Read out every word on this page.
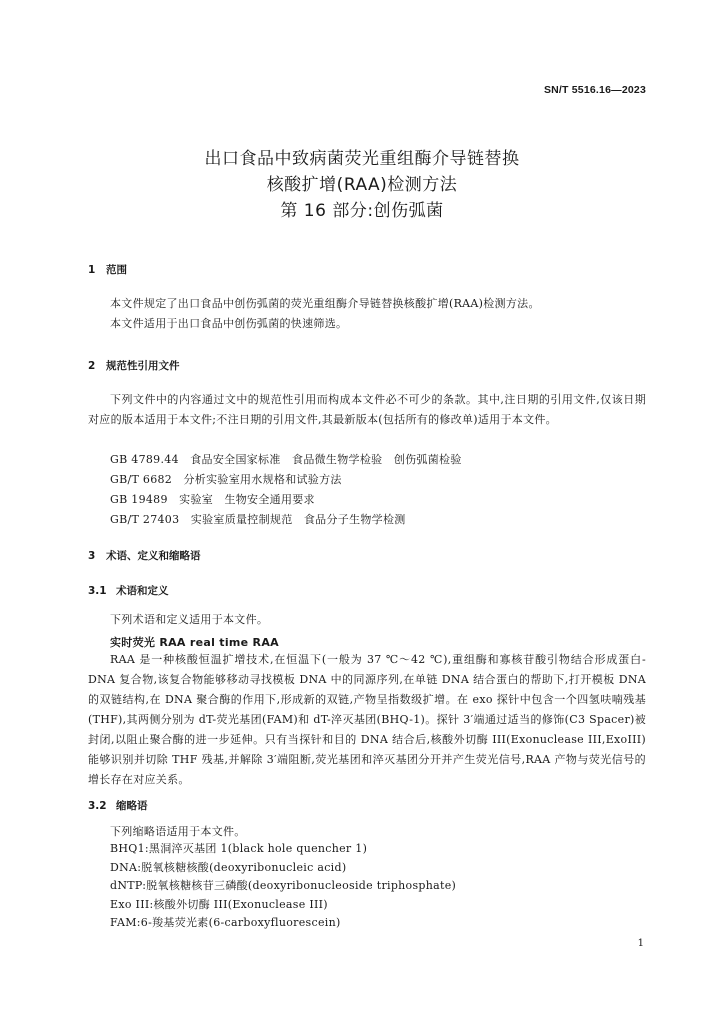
SN/T 5516.16—2023
出口食品中致病菌荧光重组酶介导链替换
核酸扩增(RAA)检测方法
第 16 部分:创伤弧菌
1 范围

本文件规定了出口食品中创伤弧菌的荧光重组酶介导链替换核酸扩增(RAA)检测方法。

本文件适用于出口食品中创伤弧菌的快速筛选。

2 规范性引用文件

下列文件中的内容通过文中的规范性引用而构成本文件必不可少的条款。其中,注日期的引用文件,仅该日期对应的版本适用于本文件;不注日期的引用文件,其最新版本(包括所有的修改单)适用于本文件。

GB 4789.44   食品安全国家标准   食品微生物学检验   创伤弧菌检验
GB/T 6682   分析实验室用水规格和试验方法
GB 19489   实验室   生物安全通用要求
GB/T 27403   实验室质量控制规范   食品分子生物学检测
3 术语、定义和缩略语
3.1 术语和定义

下列术语和定义适用于本文件。

实时荧光 RAA real time RAA

RAA 是一种核酸恒温扩增技术,在恒温下(一般为 37 ℃～42 ℃),重组酶和寡核苷酸引物结合形成蛋白-DNA 复合物,该复合物能够移动寻找模板 DNA 中的同源序列,在单链 DNA 结合蛋白的帮助下,打开模板 DNA 的双链结构,在 DNA 聚合酶的作用下,形成新的双链,产物呈指数级扩增。在 exo 探针中包含一个四氢呋喃残基(THF),其两侧分别为 dT-荧光基团(FAM)和 dT-淬灭基团(BHQ-1)。探针 3′端通过适当的修饰(C3 Spacer)被封闭,以阻止聚合酶的进一步延伸。只有当探针和目的 DNA 结合后,核酸外切酶 III(Exonuclease III,ExoIII)能够识别并切除 THF 残基,并解除 3′端阻断,荧光基团和淬灭基团分开并产生荧光信号,RAA 产物与荧光信号的增长存在对应关系。

3.2 缩略语

下列缩略语适用于本文件。

BHQ1:黑洞淬灭基团 1(black hole quencher 1)
DNA:脱氧核糖核酸(deoxyribonucleic acid)
dNTP:脱氧核糖核苷三磷酸(deoxyribonucleoside triphosphate)
Exo III:核酸外切酶 III(Exonuclease III)
FAM:6-羧基荧光素(6-carboxyfluorescein)
1
